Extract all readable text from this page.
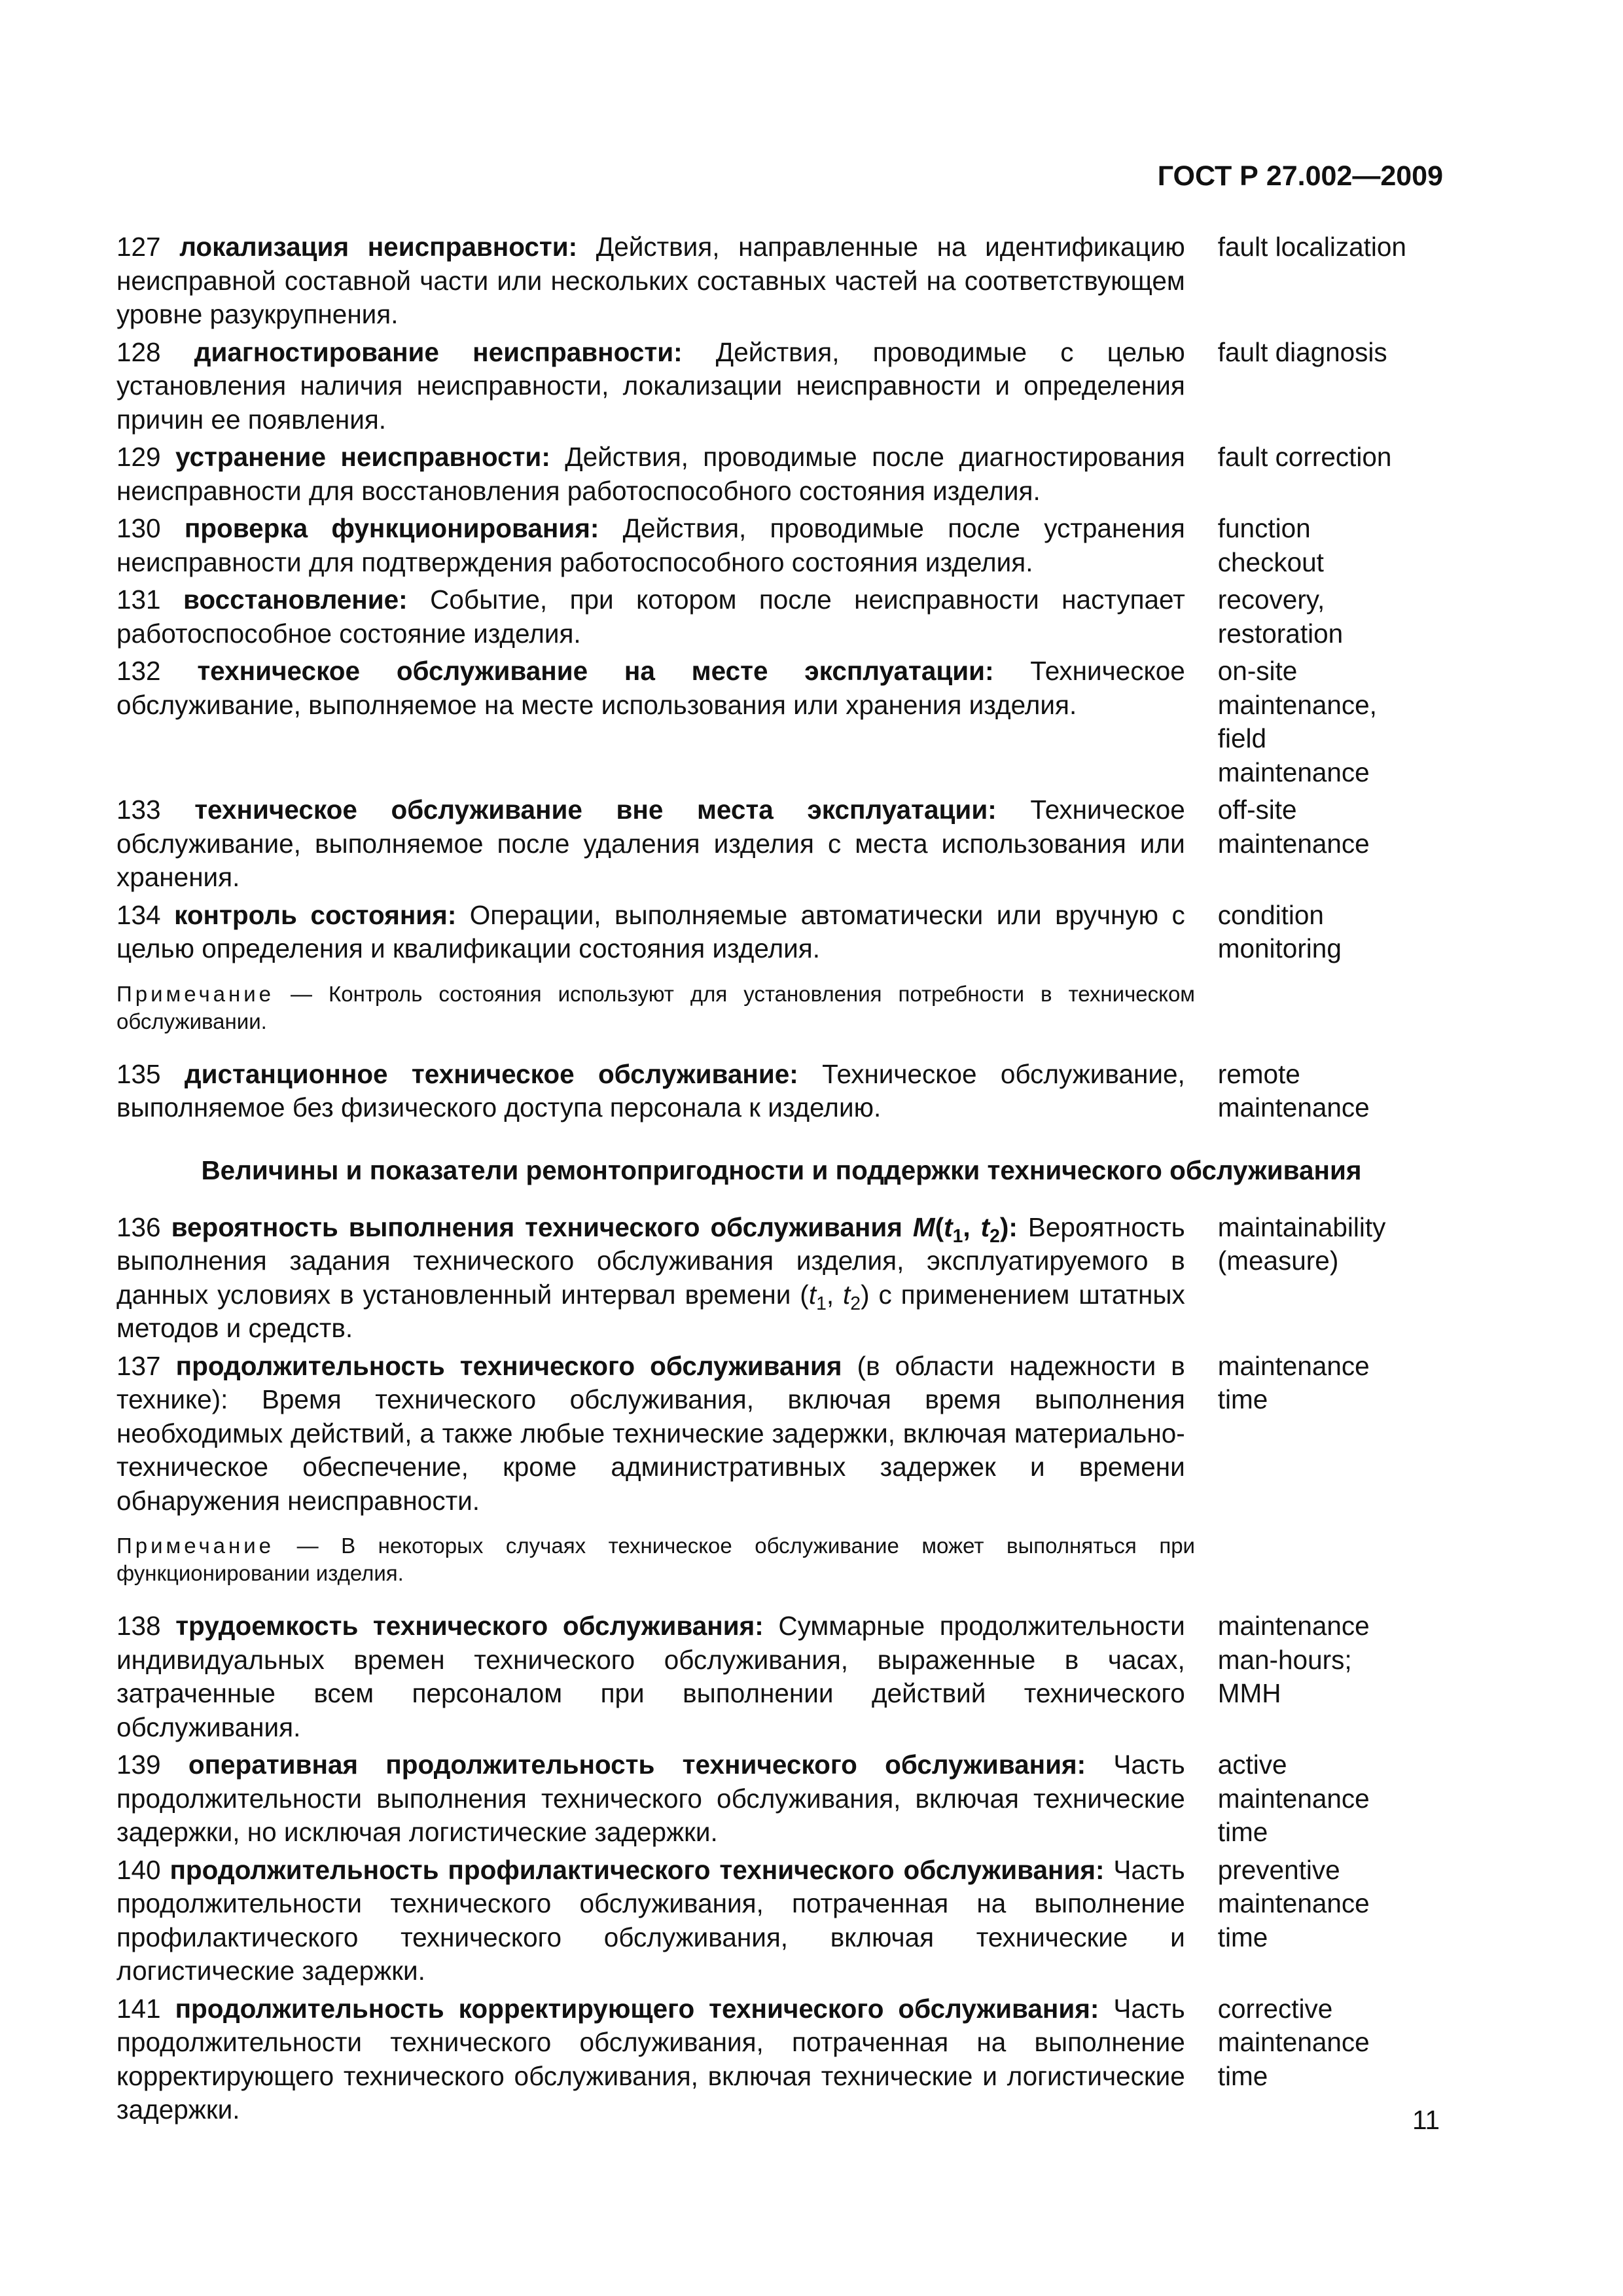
ГОСТ Р 27.002—2009
127 локализация неисправности: Действия, направленные на идентификацию неисправной составной части или нескольких составных частей на соответствующем уровне разукрупнения.
fault localization
128 диагностирование неисправности: Действия, проводимые с целью установления наличия неисправности, локализации неисправности и определения причин ее появления.
fault diagnosis
129 устранение неисправности: Действия, проводимые после диагностирования неисправности для восстановления работоспособного состояния изделия.
fault correction
130 проверка функционирования: Действия, проводимые после устранения неисправности для подтверждения работоспособного состояния изделия.
function checkout
131 восстановление: Событие, при котором после неисправности наступает работоспособное состояние изделия.
recovery, restoration
132 техническое обслуживание на месте эксплуатации: Техническое обслуживание, выполняемое на месте использования или хранения изделия.
on-site maintenance, field maintenance
133 техническое обслуживание вне места эксплуатации: Техническое обслуживание, выполняемое после удаления изделия с места использования или хранения.
off-site maintenance
134 контроль состояния: Операции, выполняемые автоматически или вручную с целью определения и квалификации состояния изделия.
condition monitoring
Примечание — Контроль состояния используют для установления потребности в техническом обслуживании.
135 дистанционное техническое обслуживание: Техническое обслуживание, выполняемое без физического доступа персонала к изделию.
remote maintenance
Величины и показатели ремонтопригодности и поддержки технического обслуживания
136 вероятность выполнения технического обслуживания $M(t_1$, $t_2$): Вероятность выполнения задания технического обслуживания изделия, эксплуатируемого в данных условиях в установленный интервал времени ($t_1$, $t_2$) с применением штатных методов и средств.
maintainability (measure)
137 продолжительность технического обслуживания (в области надежности в технике): Время технического обслуживания, включая время выполнения необходимых действий, а также любые технические задержки, включая материально-техническое обеспечение, кроме административных задержек и времени обнаружения неисправности.
maintenance time
Примечание — В некоторых случаях техническое обслуживание может выполняться при функционировании изделия.
138 трудоемкость технического обслуживания: Суммарные продолжительности индивидуальных времен технического обслуживания, выраженные в часах, затраченные всем персоналом при выполнении действий технического обслуживания.
maintenance man-hours; MMH
139 оперативная продолжительность технического обслуживания: Часть продолжительности выполнения технического обслуживания, включая технические задержки, но исключая логистические задержки.
active maintenance time
140 продолжительность профилактического технического обслуживания: Часть продолжительности технического обслуживания, потраченная на выполнение профилактического технического обслуживания, включая технические и логистические задержки.
preventive maintenance time
141 продолжительность корректирующего технического обслуживания: Часть продолжительности технического обслуживания, потраченная на выполнение корректирующего технического обслуживания, включая технические и логистические задержки.
corrective maintenance time
11
